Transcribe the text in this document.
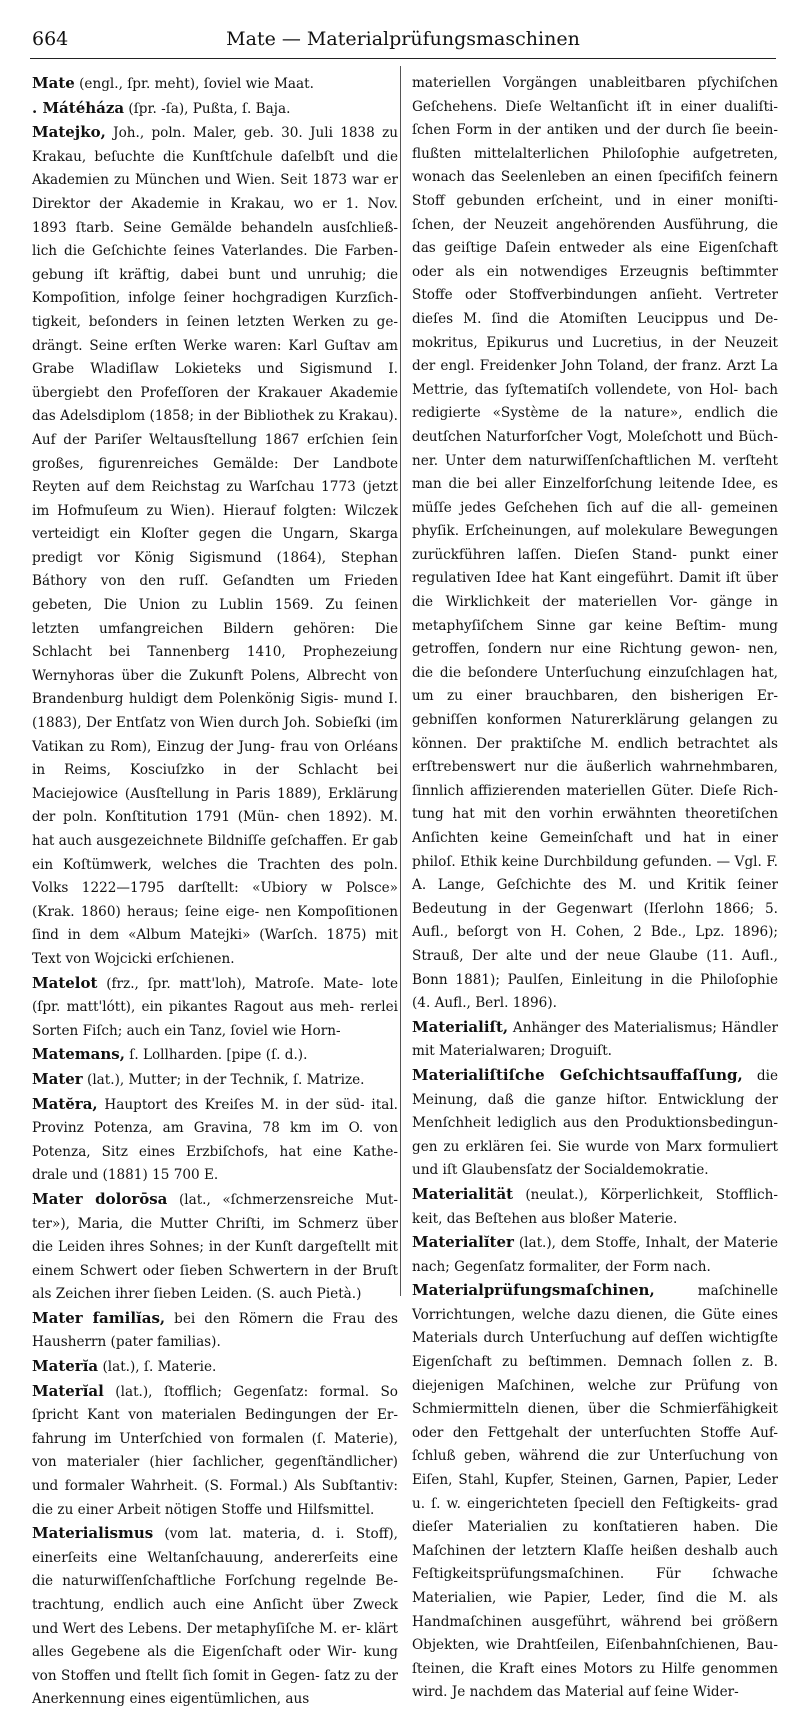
664	Mate — Materialprüfungsmaschinen

Mate (engl., ſpr. meht), ſoviel wie Maat.

. Mátéháza (ſpr. -ſa), Pußta, ſ. Baja.

Matejko, Joh., poln. Maler, geb. 30. Juli 1838 zu Krakau, beſuchte die Kunſtſchule daſelbſt und die Akademien zu München und Wien. Seit 1873 war er Direktor der Akademie in Krakau, wo er 1. Nov. 1893 ſtarb. Seine Gemälde behandeln ausſchließ- lich die Geſchichte ſeines Vaterlandes. Die Farben- gebung iſt kräftig, dabei bunt und unruhig; die Kompoſition, infolge ſeiner hochgradigen Kurzſich- tigkeit, beſonders in ſeinen letzten Werken zu ge- drängt. Seine erſten Werke waren: Karl Guſtav am Grabe Wladiſlaw Lokieteks und Sigismund I. übergiebt den Profeſſoren der Krakauer Akademie das Adelsdiplom (1858; in der Bibliothek zu Krakau). Auf der Pariſer Weltausſtellung 1867 erſchien ſein großes, figurenreiches Gemälde: Der Landbote Reyten auf dem Reichstag zu Warſchau 1773 (jetzt im Hofmuſeum zu Wien). Hierauf folgten: Wilczek verteidigt ein Kloſter gegen die Ungarn, Skarga predigt vor König Sigismund (1864), Stephan Báthory von den ruſſ. Geſandten um Frieden gebeten, Die Union zu Lublin 1569. Zu ſeinen letzten umfangreichen Bildern gehören: Die Schlacht bei Tannenberg 1410, Prophezeiung Wernyhoras über die Zukunft Polens, Albrecht von Brandenburg huldigt dem Polenkönig Sigis- mund I. (1883), Der Entſatz von Wien durch Joh. Sobieſki (im Vatikan zu Rom), Einzug der Jung- frau von Orléans in Reims, Kosciuſzko in der Schlacht bei Maciejowice (Ausſtellung in Paris 1889), Erklärung der poln. Konſtitution 1791 (Mün- chen 1892). M. hat auch ausgezeichnete Bildniſſe geſchaffen. Er gab ein Koſtümwerk, welches die Trachten des poln. Volks 1222—1795 darſtellt: «Ubiory w Polsce» (Krak. 1860) heraus; ſeine eige- nen Kompoſitionen ſind in dem «Album Matejki» (Warſch. 1875) mit Text von Wojcicki erſchienen.

Matelot (frz., ſpr. matt'loh), Matroſe. Mate- lote (ſpr. matt'lótt), ein pikantes Ragout aus meh- rerlei Sorten Fiſch; auch ein Tanz, ſoviel wie Horn-

Matemans, ſ. Lollharden. [pipe (ſ. d.).

Mater (lat.), Mutter; in der Technik, ſ. Matrize.

Matĕra, Hauptort des Kreiſes M. in der süd- ital. Provinz Potenza, am Gravina, 78 km im O. von Potenza, Sitz eines Erzbiſchofs, hat eine Kathe- drale und (1881) 15 700 E.

Mater dolorōsa (lat., «ſchmerzensreiche Mut- ter»), Maria, die Mutter Chriſti, im Schmerz über die Leiden ihres Sohnes; in der Kunſt dargeſtellt mit einem Schwert oder ſieben Schwertern in der Bruſt als Zeichen ihrer ſieben Leiden. (S. auch Pietà.)

Mater familĭas, bei den Römern die Frau des Hausherrn (pater familias).

Materĭa (lat.), ſ. Materie.

Materĭal (lat.), ſtofflich; Gegenſatz: formal. So ſpricht Kant von materialen Bedingungen der Er- fahrung im Unterſchied von formalen (ſ. Materie), von materialer (hier ſachlicher, gegenſtändlicher) und formaler Wahrheit. (S. Formal.) Als Subſtantiv: die zu einer Arbeit nötigen Stoffe und Hilfsmittel.

Materialismus (vom lat. materia, d. i. Stoff), einerſeits eine Weltanſchauung, andererſeits eine die naturwiſſenſchaftliche Forſchung regelnde Be- trachtung, endlich auch eine Anſicht über Zweck und Wert des Lebens. Der metaphyſiſche M. er- klärt alles Gegebene als die Eigenſchaft oder Wir- kung von Stoffen und ſtellt ſich ſomit in Gegen- ſatz zu der Anerkennung eines eigentümlichen, aus

materiellen Vorgängen unableitbaren pſychiſchen Geſchehens. Dieſe Weltanſicht iſt in einer dualiſti- ſchen Form in der antiken und der durch ſie beein- flußten mittelalterlichen Philoſophie aufgetreten, wonach das Seelenleben an einen ſpecifiſch feinern Stoff gebunden erſcheint, und in einer moniſti- ſchen, der Neuzeit angehörenden Ausführung, die das geiſtige Daſein entweder als eine Eigenſchaft oder als ein notwendiges Erzeugnis beſtimmter Stoffe oder Stoffverbindungen anſieht. Vertreter dieſes M. ſind die Atomiſten Leucippus und De- mokritus, Epikurus und Lucretius, in der Neuzeit der engl. Freidenker John Toland, der franz. Arzt La Mettrie, das ſyſtematiſch vollendete, von Hol- bach redigierte «Système de la nature», endlich die deutſchen Naturforſcher Vogt, Moleſchott und Büch- ner. Unter dem naturwiſſenſchaftlichen M. verſteht man die bei aller Einzelforſchung leitende Idee, es müſſe jedes Geſchehen ſich auf die all- gemeinen phyſik. Erſcheinungen, auf molekulare Bewegungen zurückführen laſſen. Dieſen Stand- punkt einer regulativen Idee hat Kant eingeführt. Damit iſt über die Wirklichkeit der materiellen Vor- gänge in metaphyſiſchem Sinne gar keine Beſtim- mung getroffen, ſondern nur eine Richtung gewon- nen, die die beſondere Unterſuchung einzuſchlagen hat, um zu einer brauchbaren, den bisherigen Er- gebniſſen konformen Naturerklärung gelangen zu können. Der praktiſche M. endlich betrachtet als erſtrebenswert nur die äußerlich wahrnehmbaren, ſinnlich affizierenden materiellen Güter. Dieſe Rich- tung hat mit den vorhin erwähnten theoretiſchen Anſichten keine Gemeinſchaft und hat in einer philoſ. Ethik keine Durchbildung gefunden. — Vgl. F. A. Lange, Geſchichte des M. und Kritik ſeiner Bedeutung in der Gegenwart (Iſerlohn 1866; 5. Aufl., beſorgt von H. Cohen, 2 Bde., Lpz. 1896); Strauß, Der alte und der neue Glaube (11. Aufl., Bonn 1881); Paulſen, Einleitung in die Philoſophie (4. Aufl., Berl. 1896).

Materialiſt, Anhänger des Materialismus; Händler mit Materialwaren; Droguiſt.

Materialiſtiſche Geſchichtsauffaſſung, die Meinung, daß die ganze hiſtor. Entwicklung der Menſchheit lediglich aus den Produktionsbedingun- gen zu erklären ſei. Sie wurde von Marx formuliert und iſt Glaubensſatz der Socialdemokratie.

Materialität (neulat.), Körperlichkeit, Stofflich- keit, das Beſtehen aus bloßer Materie.

Materialĭter (lat.), dem Stoffe, Inhalt, der Materie nach; Gegenſatz formaliter, der Form nach.

Materialprüfungsmaſchinen, maſchinelle Vorrichtungen, welche dazu dienen, die Güte eines Materials durch Unterſuchung auf deſſen wichtigſte Eigenſchaft zu beſtimmen. Demnach ſollen z. B. diejenigen Maſchinen, welche zur Prüfung von Schmiermitteln dienen, über die Schmierfähigkeit oder den Fettgehalt der unterſuchten Stoffe Auf- ſchluß geben, während die zur Unterſuchung von Eiſen, Stahl, Kupfer, Steinen, Garnen, Papier, Leder u. ſ. w. eingerichteten ſpeciell den Feſtigkeits- grad dieſer Materialien zu konſtatieren haben. Die Maſchinen der letztern Klaſſe heißen deshalb auch Feſtigkeitsprüfungsmaſchinen. Für ſchwache Materialien, wie Papier, Leder, ſind die M. als Handmaſchinen ausgeführt, während bei größern Objekten, wie Drahtſeilen, Eiſenbahnſchienen, Bau- ſteinen, die Kraft eines Motors zu Hilfe genommen wird. Je nachdem das Material auf ſeine Wider-
